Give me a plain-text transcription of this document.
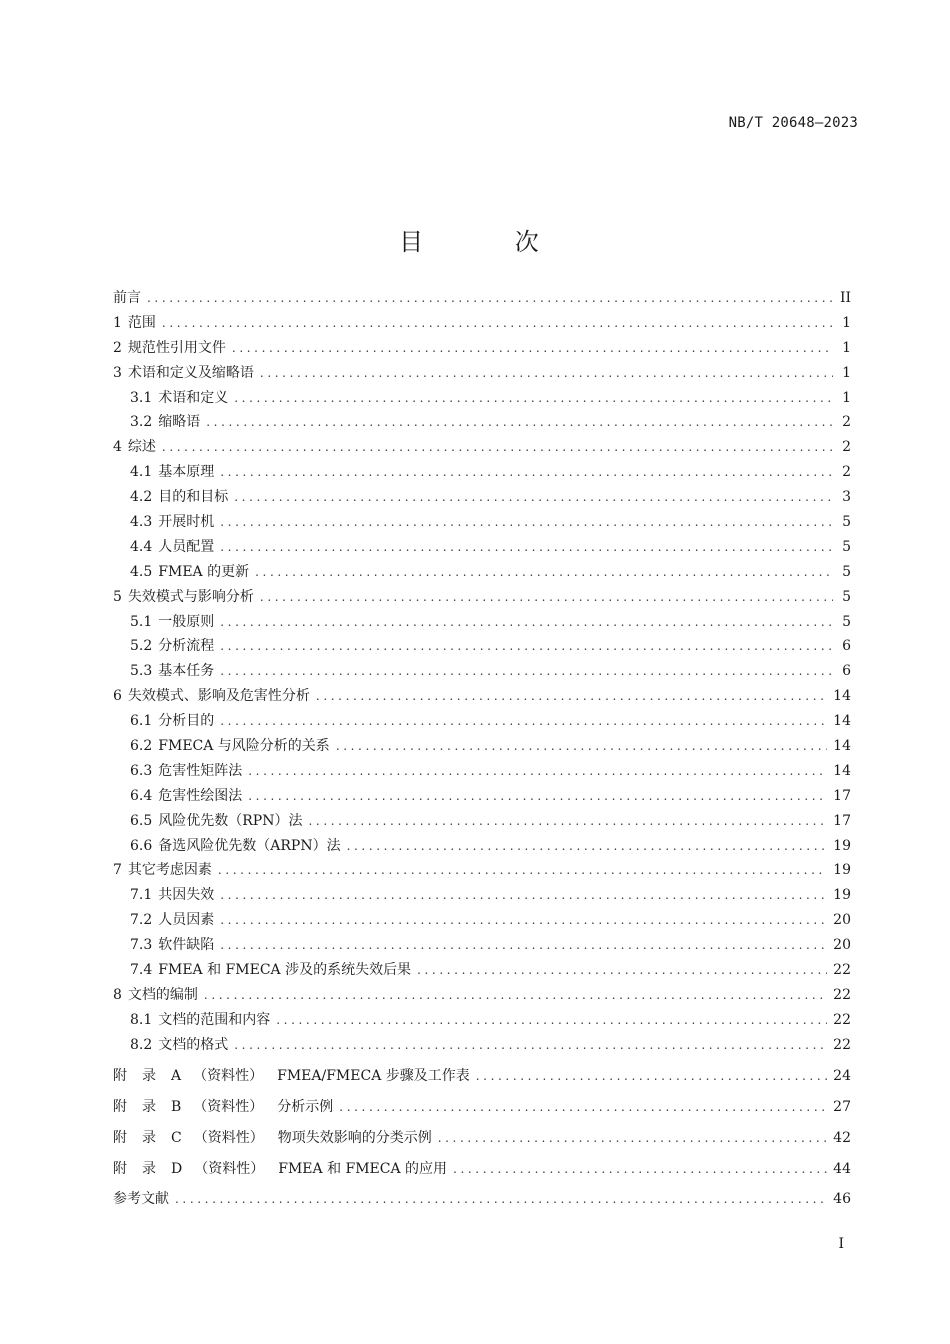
NB/T 20648—2023
目 次
前言 .....	II
1 范围 .....	1
2 规范性引用文件 .....	1
3 术语和定义及缩略语 .....	1
3.1 术语和定义 .....	1
3.2 缩略语 .....	2
4 综述 .....	2
4.1 基本原理 .....	2
4.2 目的和目标 .....	3
4.3 开展时机 .....	5
4.4 人员配置 .....	5
4.5 FMEA 的更新 .....	5
5 失效模式与影响分析 .....	5
5.1 一般原则 .....	5
5.2 分析流程 .....	6
5.3 基本任务 .....	6
6 失效模式、影响及危害性分析 .....	14
6.1 分析目的 .....	14
6.2 FMECA 与风险分析的关系 .....	14
6.3 危害性矩阵法 .....	14
6.4 危害性绘图法 .....	17
6.5 风险优先数（RPN）法 .....	17
6.6 备选风险优先数（ARPN）法 .....	19
7 其它考虑因素 .....	19
7.1 共因失效 .....	19
7.2 人员因素 .....	20
7.3 软件缺陷 .....	20
7.4 FMEA 和 FMECA 涉及的系统失效后果 .....	22
8 文档的编制 .....	22
8.1 文档的范围和内容 .....	22
8.2 文档的格式 .....	22
附录A （资料性） FMEA/FMECA 步骤及工作表 .....	24
附录B （资料性） 分析示例 .....	27
附录C （资料性） 物项失效影响的分类示例 .....	42
附录D （资料性） FMEA 和 FMECA 的应用 .....	44
参考文献 .....	46
I
